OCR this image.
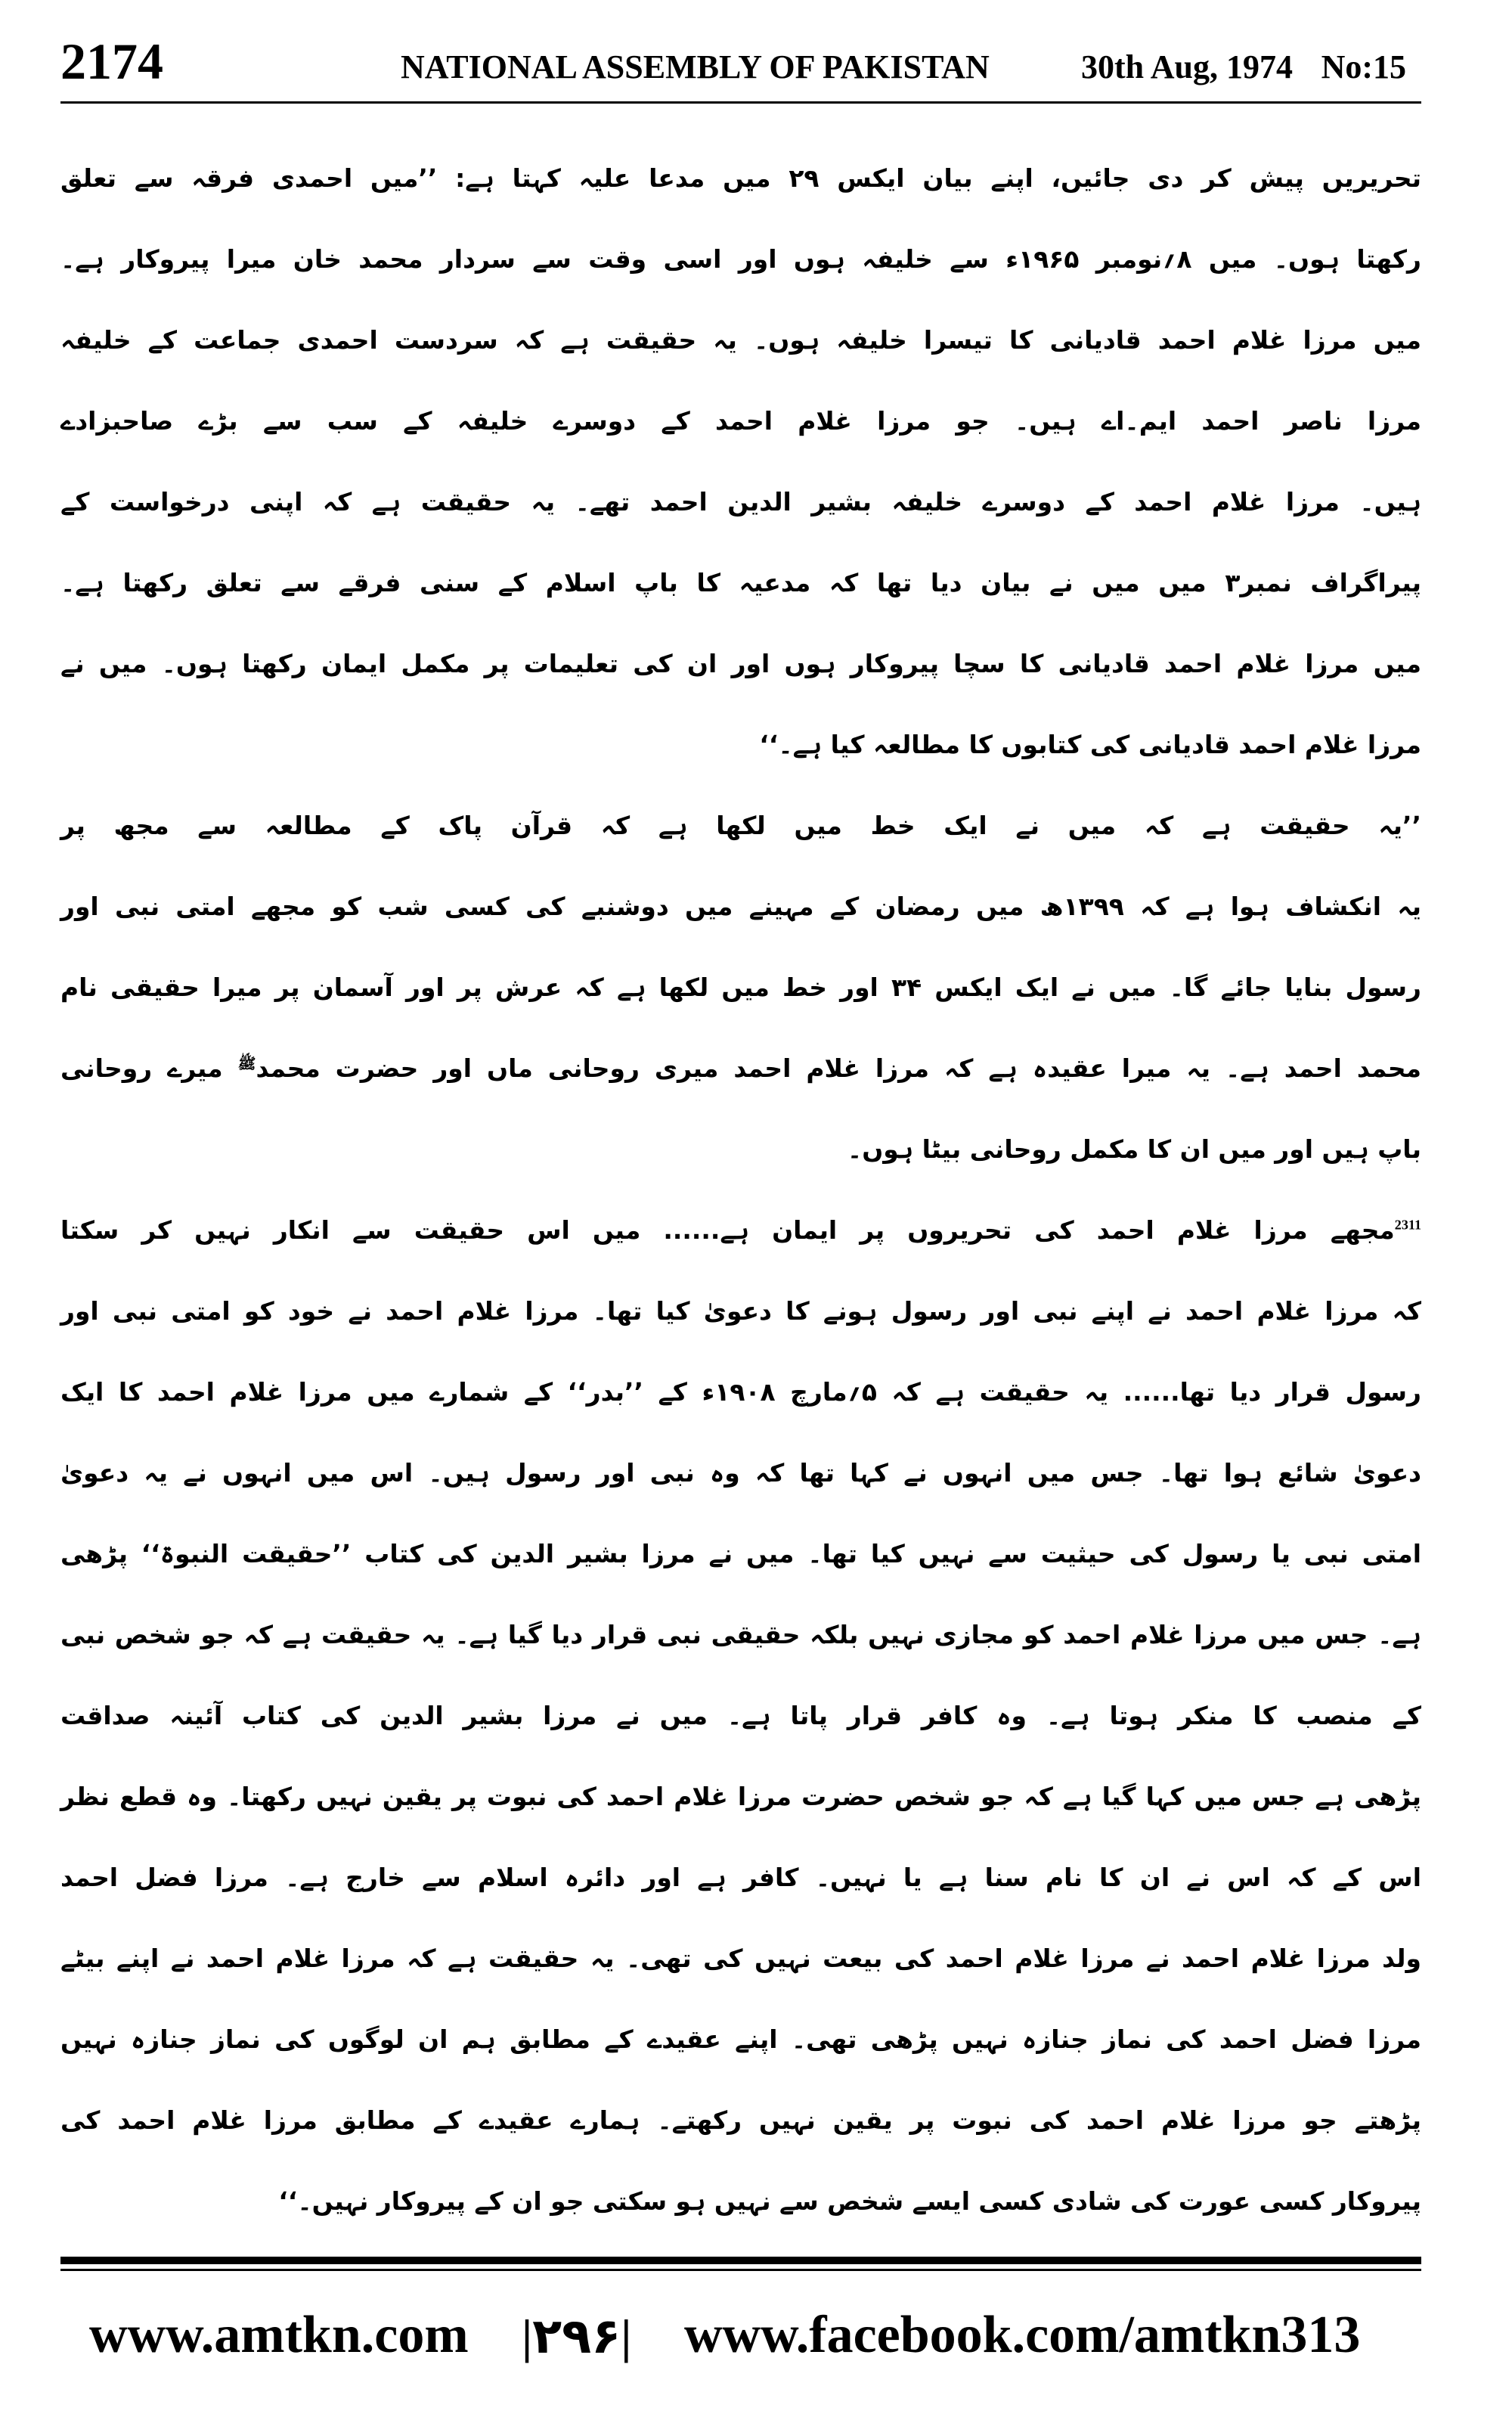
2174	NATIONAL ASSEMBLY OF PAKISTAN	30th Aug, 1974 No:15
تحریریں پیش کر دی جائیں، اپنے بیان ایکس ۲۹ میں مدعا علیہ کہتا ہے: ’’میں احمدی فرقہ سے تعلق
رکھتا ہوں۔ میں ۸؍نومبر ۱۹۶۵ء سے خلیفہ ہوں اور اسی وقت سے سردار محمد خان میرا پیروکار ہے۔
میں مرزا غلام احمد قادیانی کا تیسرا خلیفہ ہوں۔ یہ حقیقت ہے کہ سردست احمدی جماعت کے خلیفہ
مرزا ناصر احمد ایم۔اے ہیں۔ جو مرزا غلام احمد کے دوسرے خلیفہ کے سب سے بڑے صاحبزادے
ہیں۔ مرزا غلام احمد کے دوسرے خلیفہ بشیر الدین احمد تھے۔ یہ حقیقت ہے کہ اپنی درخواست کے
پیراگراف نمبر۳ میں میں نے بیان دیا تھا کہ مدعیہ کا باپ اسلام کے سنی فرقے سے تعلق رکھتا ہے۔
میں مرزا غلام احمد قادیانی کا سچا پیروکار ہوں اور ان کی تعلیمات پر مکمل ایمان رکھتا ہوں۔ میں نے
مرزا غلام احمد قادیانی کی کتابوں کا مطالعہ کیا ہے۔‘‘
’’یہ حقیقت ہے کہ میں نے ایک خط میں لکھا ہے کہ قرآن پاک کے مطالعہ سے مجھ پر
یہ انکشاف ہوا ہے کہ ۱۳۹۹ھ میں رمضان کے مہینے میں دوشنبے کی کسی شب کو مجھے امتی نبی اور
رسول بنایا جائے گا۔ میں نے ایک ایکس ۳۴ اور خط میں لکھا ہے کہ عرش پر اور آسمان پر میرا حقیقی نام
محمد احمد ہے۔ یہ میرا عقیدہ ہے کہ مرزا غلام احمد میری روحانی ماں اور حضرت محمد$^ﷺ$ میرے روحانی
باپ ہیں اور میں ان کا مکمل روحانی بیٹا ہوں۔
$^{2311}$مجھے مرزا غلام احمد کی تحریروں پر ایمان ہے...... میں اس حقیقت سے انکار نہیں کر سکتا
کہ مرزا غلام احمد نے اپنے نبی اور رسول ہونے کا دعویٰ کیا تھا۔ مرزا غلام احمد نے خود کو امتی نبی اور
رسول قرار دیا تھا...... یہ حقیقت ہے کہ ۵؍مارچ ۱۹۰۸ء کے ’’بدر‘‘ کے شمارے میں مرزا غلام احمد کا ایک
دعویٰ شائع ہوا تھا۔ جس میں انہوں نے کہا تھا کہ وہ نبی اور رسول ہیں۔ اس میں انہوں نے یہ دعویٰ
امتی نبی یا رسول کی حیثیت سے نہیں کیا تھا۔ میں نے مرزا بشیر الدین کی کتاب ’’حقیقت النبوۃ‘‘ پڑھی
ہے۔ جس میں مرزا غلام احمد کو مجازی نہیں بلکہ حقیقی نبی قرار دیا گیا ہے۔ یہ حقیقت ہے کہ جو شخص نبی
کے منصب کا منکر ہوتا ہے۔ وہ کافر قرار پاتا ہے۔ میں نے مرزا بشیر الدین کی کتاب آئینہ صداقت
پڑھی ہے جس میں کہا گیا ہے کہ جو شخص حضرت مرزا غلام احمد کی نبوت پر یقین نہیں رکھتا۔ وہ قطع نظر
اس کے کہ اس نے ان کا نام سنا ہے یا نہیں۔ کافر ہے اور دائرہ اسلام سے خارج ہے۔ مرزا فضل احمد
ولد مرزا غلام احمد نے مرزا غلام احمد کی بیعت نہیں کی تھی۔ یہ حقیقت ہے کہ مرزا غلام احمد نے اپنے بیٹے
مرزا فضل احمد کی نماز جنازہ نہیں پڑھی تھی۔ اپنے عقیدے کے مطابق ہم ان لوگوں کی نماز جنازہ نہیں
پڑھتے جو مرزا غلام احمد کی نبوت پر یقین نہیں رکھتے۔ ہمارے عقیدے کے مطابق مرزا غلام احمد کی
پیروکار کسی عورت کی شادی کسی ایسے شخص سے نہیں ہو سکتی جو ان کے پیروکار نہیں۔‘‘
www.amtkn.com |۲۹۶| www.facebook.com/amtkn313
